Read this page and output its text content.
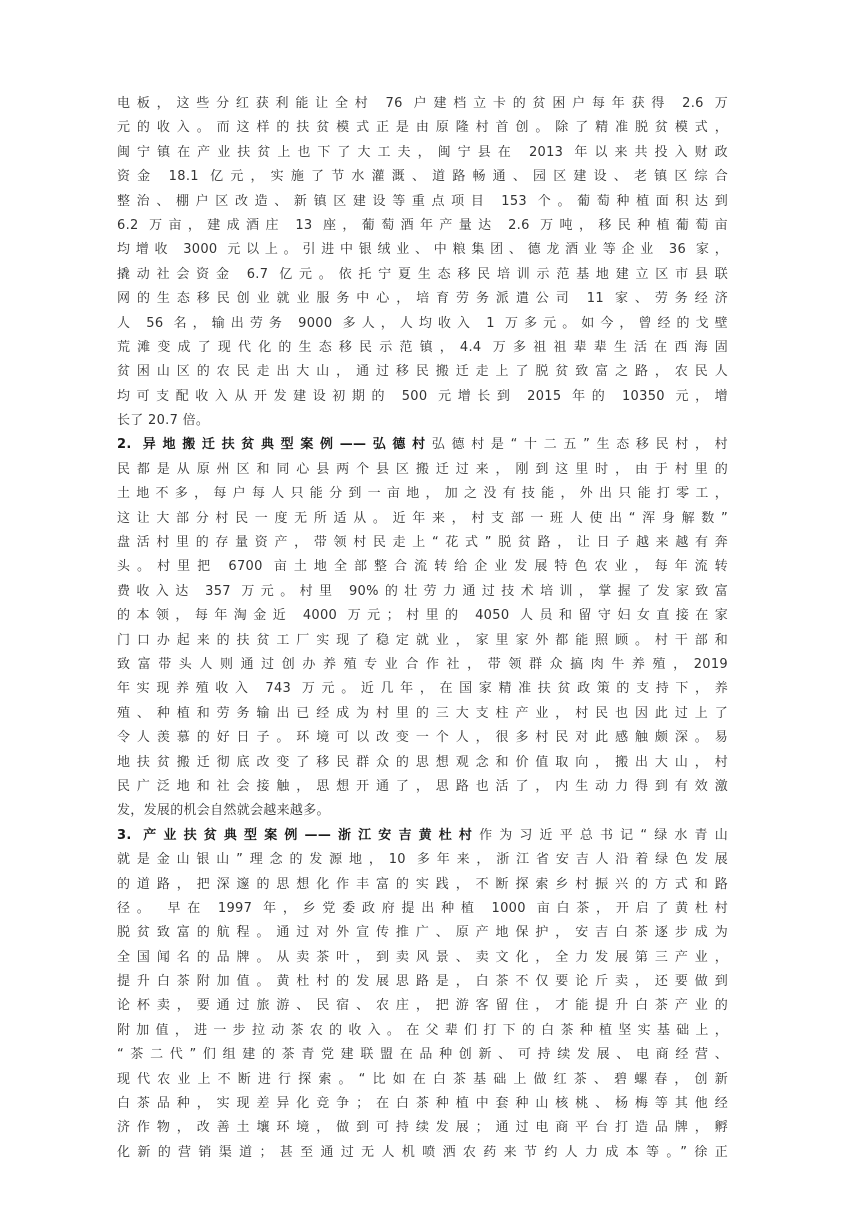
电板，这些分红获利能让全村 76 户建档立卡的贫困户每年获得 2.6 万
元的收入。而这样的扶贫模式正是由原隆村首创。除了精准脱贫模式，
闽宁镇在产业扶贫上也下了大工夫，闽宁县在 2013 年以来共投入财政
资金 18.1 亿元，实施了节水灌溉、道路畅通、园区建设、老镇区综合
整治、棚户区改造、新镇区建设等重点项目 153 个。葡萄种植面积达到
6.2 万亩，建成酒庄 13 座，葡萄酒年产量达 2.6 万吨，移民种植葡萄亩
均增收 3000 元以上。引进中银绒业、中粮集团、德龙酒业等企业 36 家，
撬动社会资金 6.7 亿元。依托宁夏生态移民培训示范基地建立区市县联
网的生态移民创业就业服务中心，培育劳务派遣公司 11 家、劳务经济
人 56 名，输出劳务 9000 多人，人均收入 1 万多元。如今，曾经的戈壁
荒滩变成了现代化的生态移民示范镇，4.4 万多祖祖辈辈生活在西海固
贫困山区的农民走出大山，通过移民搬迁走上了脱贫致富之路，农民人
均可支配收入从开发建设初期的 500 元增长到 2015 年的 10350 元，增
长了 20.7 倍。
2. 异地搬迁扶贫典型案例——弘德村弘德村是“十二五”生态移民村，村
民都是从原州区和同心县两个县区搬迁过来，刚到这里时，由于村里的
土地不多，每户每人只能分到一亩地，加之没有技能，外出只能打零工，
这让大部分村民一度无所适从。近年来，村支部一班人使出“浑身解数”
盘活村里的存量资产，带领村民走上“花式”脱贫路，让日子越来越有奔
头。村里把 6700 亩土地全部整合流转给企业发展特色农业，每年流转
费收入达 357 万元。村里 90%的壮劳力通过技术培训，掌握了发家致富
的本领，每年淘金近 4000 万元；村里的 4050 人员和留守妇女直接在家
门口办起来的扶贫工厂实现了稳定就业，家里家外都能照顾。村干部和
致富带头人则通过创办养殖专业合作社，带领群众搞肉牛养殖，2019
年实现养殖收入 743 万元。近几年，在国家精准扶贫政策的支持下，养
殖、种植和劳务输出已经成为村里的三大支柱产业，村民也因此过上了
令人羡慕的好日子。环境可以改变一个人，很多村民对此感触颇深。易
地扶贫搬迁彻底改变了移民群众的思想观念和价值取向，搬出大山，村
民广泛地和社会接触，思想开通了，思路也活了，内生动力得到有效激
发，发展的机会自然就会越来越多。
3. 产业扶贫典型案例——浙江安吉黄杜村作为习近平总书记“绿水青山
就是金山银山”理念的发源地，10 多年来，浙江省安吉人沿着绿色发展
的道路，把深邃的思想化作丰富的实践，不断探索乡村振兴的方式和路
径。 早在 1997 年，乡党委政府提出种植 1000 亩白茶，开启了黄杜村
脱贫致富的航程。通过对外宣传推广、原产地保护，安吉白茶逐步成为
全国闻名的品牌。从卖茶叶，到卖风景、卖文化，全力发展第三产业，
提升白茶附加值。黄杜村的发展思路是，白茶不仅要论斤卖，还要做到
论杯卖，要通过旅游、民宿、农庄，把游客留住，才能提升白茶产业的
附加值，进一步拉动茶农的收入。在父辈们打下的白茶种植坚实基础上，
“茶二代”们组建的茶青党建联盟在品种创新、可持续发展、电商经营、
现代农业上不断进行探索。“比如在白茶基础上做红茶、碧螺春，创新
白茶品种，实现差异化竞争；在白茶种植中套种山核桃、杨梅等其他经
济作物，改善土壤环境，做到可持续发展；通过电商平台打造品牌，孵
化新的营销渠道；甚至通过无人机喷洒农药来节约人力成本等。”徐正
